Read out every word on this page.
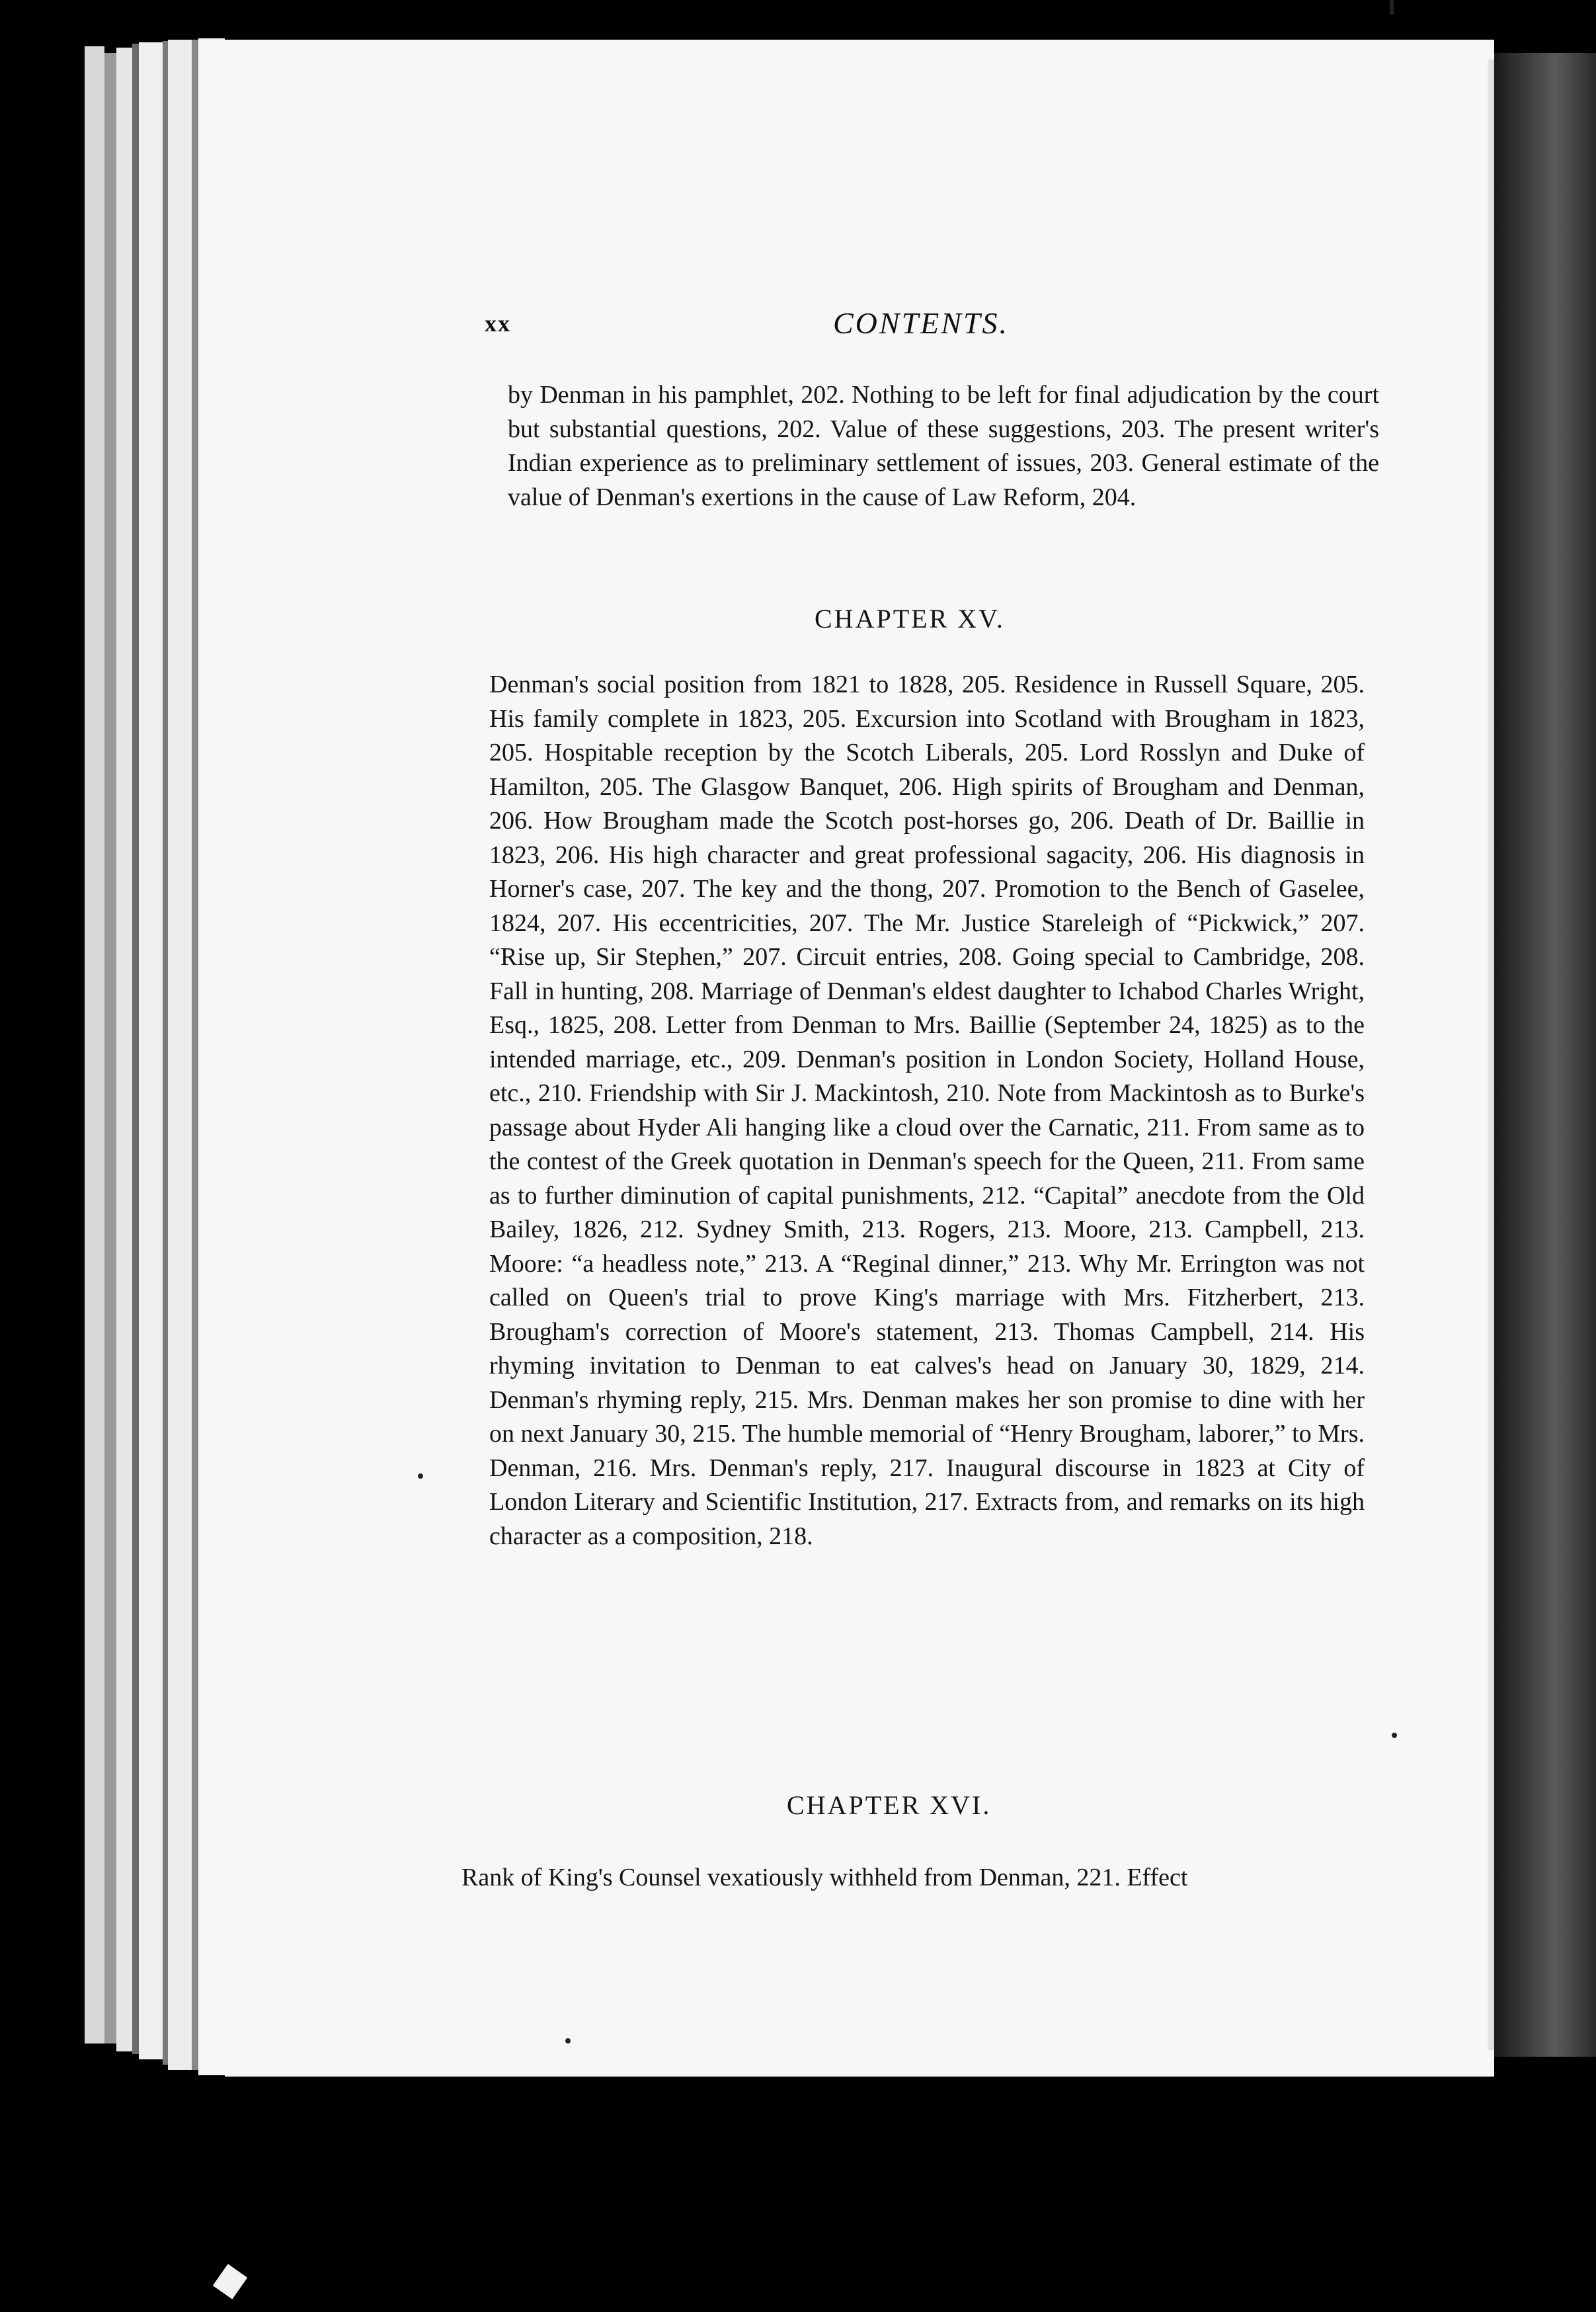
xx	CONTENTS.
by Denman in his pamphlet, 202. Nothing to be left for final adjudication by the court but substantial questions, 202. Value of these suggestions, 203. The present writer's Indian experience as to preliminary settlement of issues, 203. General estimate of the value of Denman's exertions in the cause of Law Reform, 204.
CHAPTER XV.
Denman's social position from 1821 to 1828, 205. Residence in Russell Square, 205. His family complete in 1823, 205. Excursion into Scotland with Brougham in 1823, 205. Hospitable reception by the Scotch Liberals, 205. Lord Rosslyn and Duke of Hamilton, 205. The Glasgow Banquet, 206. High spirits of Brougham and Denman, 206. How Brougham made the Scotch post-horses go, 206. Death of Dr. Baillie in 1823, 206. His high character and great professional sagacity, 206. His diagnosis in Horner's case, 207. The key and the thong, 207. Promotion to the Bench of Gaselee, 1824, 207. His eccentricities, 207. The Mr. Justice Stareleigh of “Pickwick,” 207. “Rise up, Sir Stephen,” 207. Circuit entries, 208. Going special to Cambridge, 208. Fall in hunting, 208. Marriage of Denman's eldest daughter to Ichabod Charles Wright, Esq., 1825, 208. Letter from Denman to Mrs. Baillie (September 24, 1825) as to the intended marriage, etc., 209. Denman's position in London Society, Holland House, etc., 210. Friendship with Sir J. Mackintosh, 210. Note from Mackintosh as to Burke's passage about Hyder Ali hanging like a cloud over the Carnatic, 211. From same as to the contest of the Greek quotation in Denman's speech for the Queen, 211. From same as to further diminution of capital punishments, 212. “Capital” anecdote from the Old Bailey, 1826, 212. Sydney Smith, 213. Rogers, 213. Moore, 213. Campbell, 213. Moore: “a headless note,” 213. A “Reginal dinner,” 213. Why Mr. Errington was not called on Queen's trial to prove King's marriage with Mrs. Fitzherbert, 213. Brougham's correction of Moore's statement, 213. Thomas Campbell, 214. His rhyming invitation to Denman to eat calves's head on January 30, 1829, 214. Denman's rhyming reply, 215. Mrs. Denman makes her son promise to dine with her on next January 30, 215. The humble memorial of “Henry Brougham, laborer,” to Mrs. Denman, 216. Mrs. Denman's reply, 217. Inaugural discourse in 1823 at City of London Literary and Scientific Institution, 217. Extracts from, and remarks on its high character as a composition, 218.
CHAPTER XVI.
Rank of King's Counsel vexatiously withheld from Denman, 221. Effect
